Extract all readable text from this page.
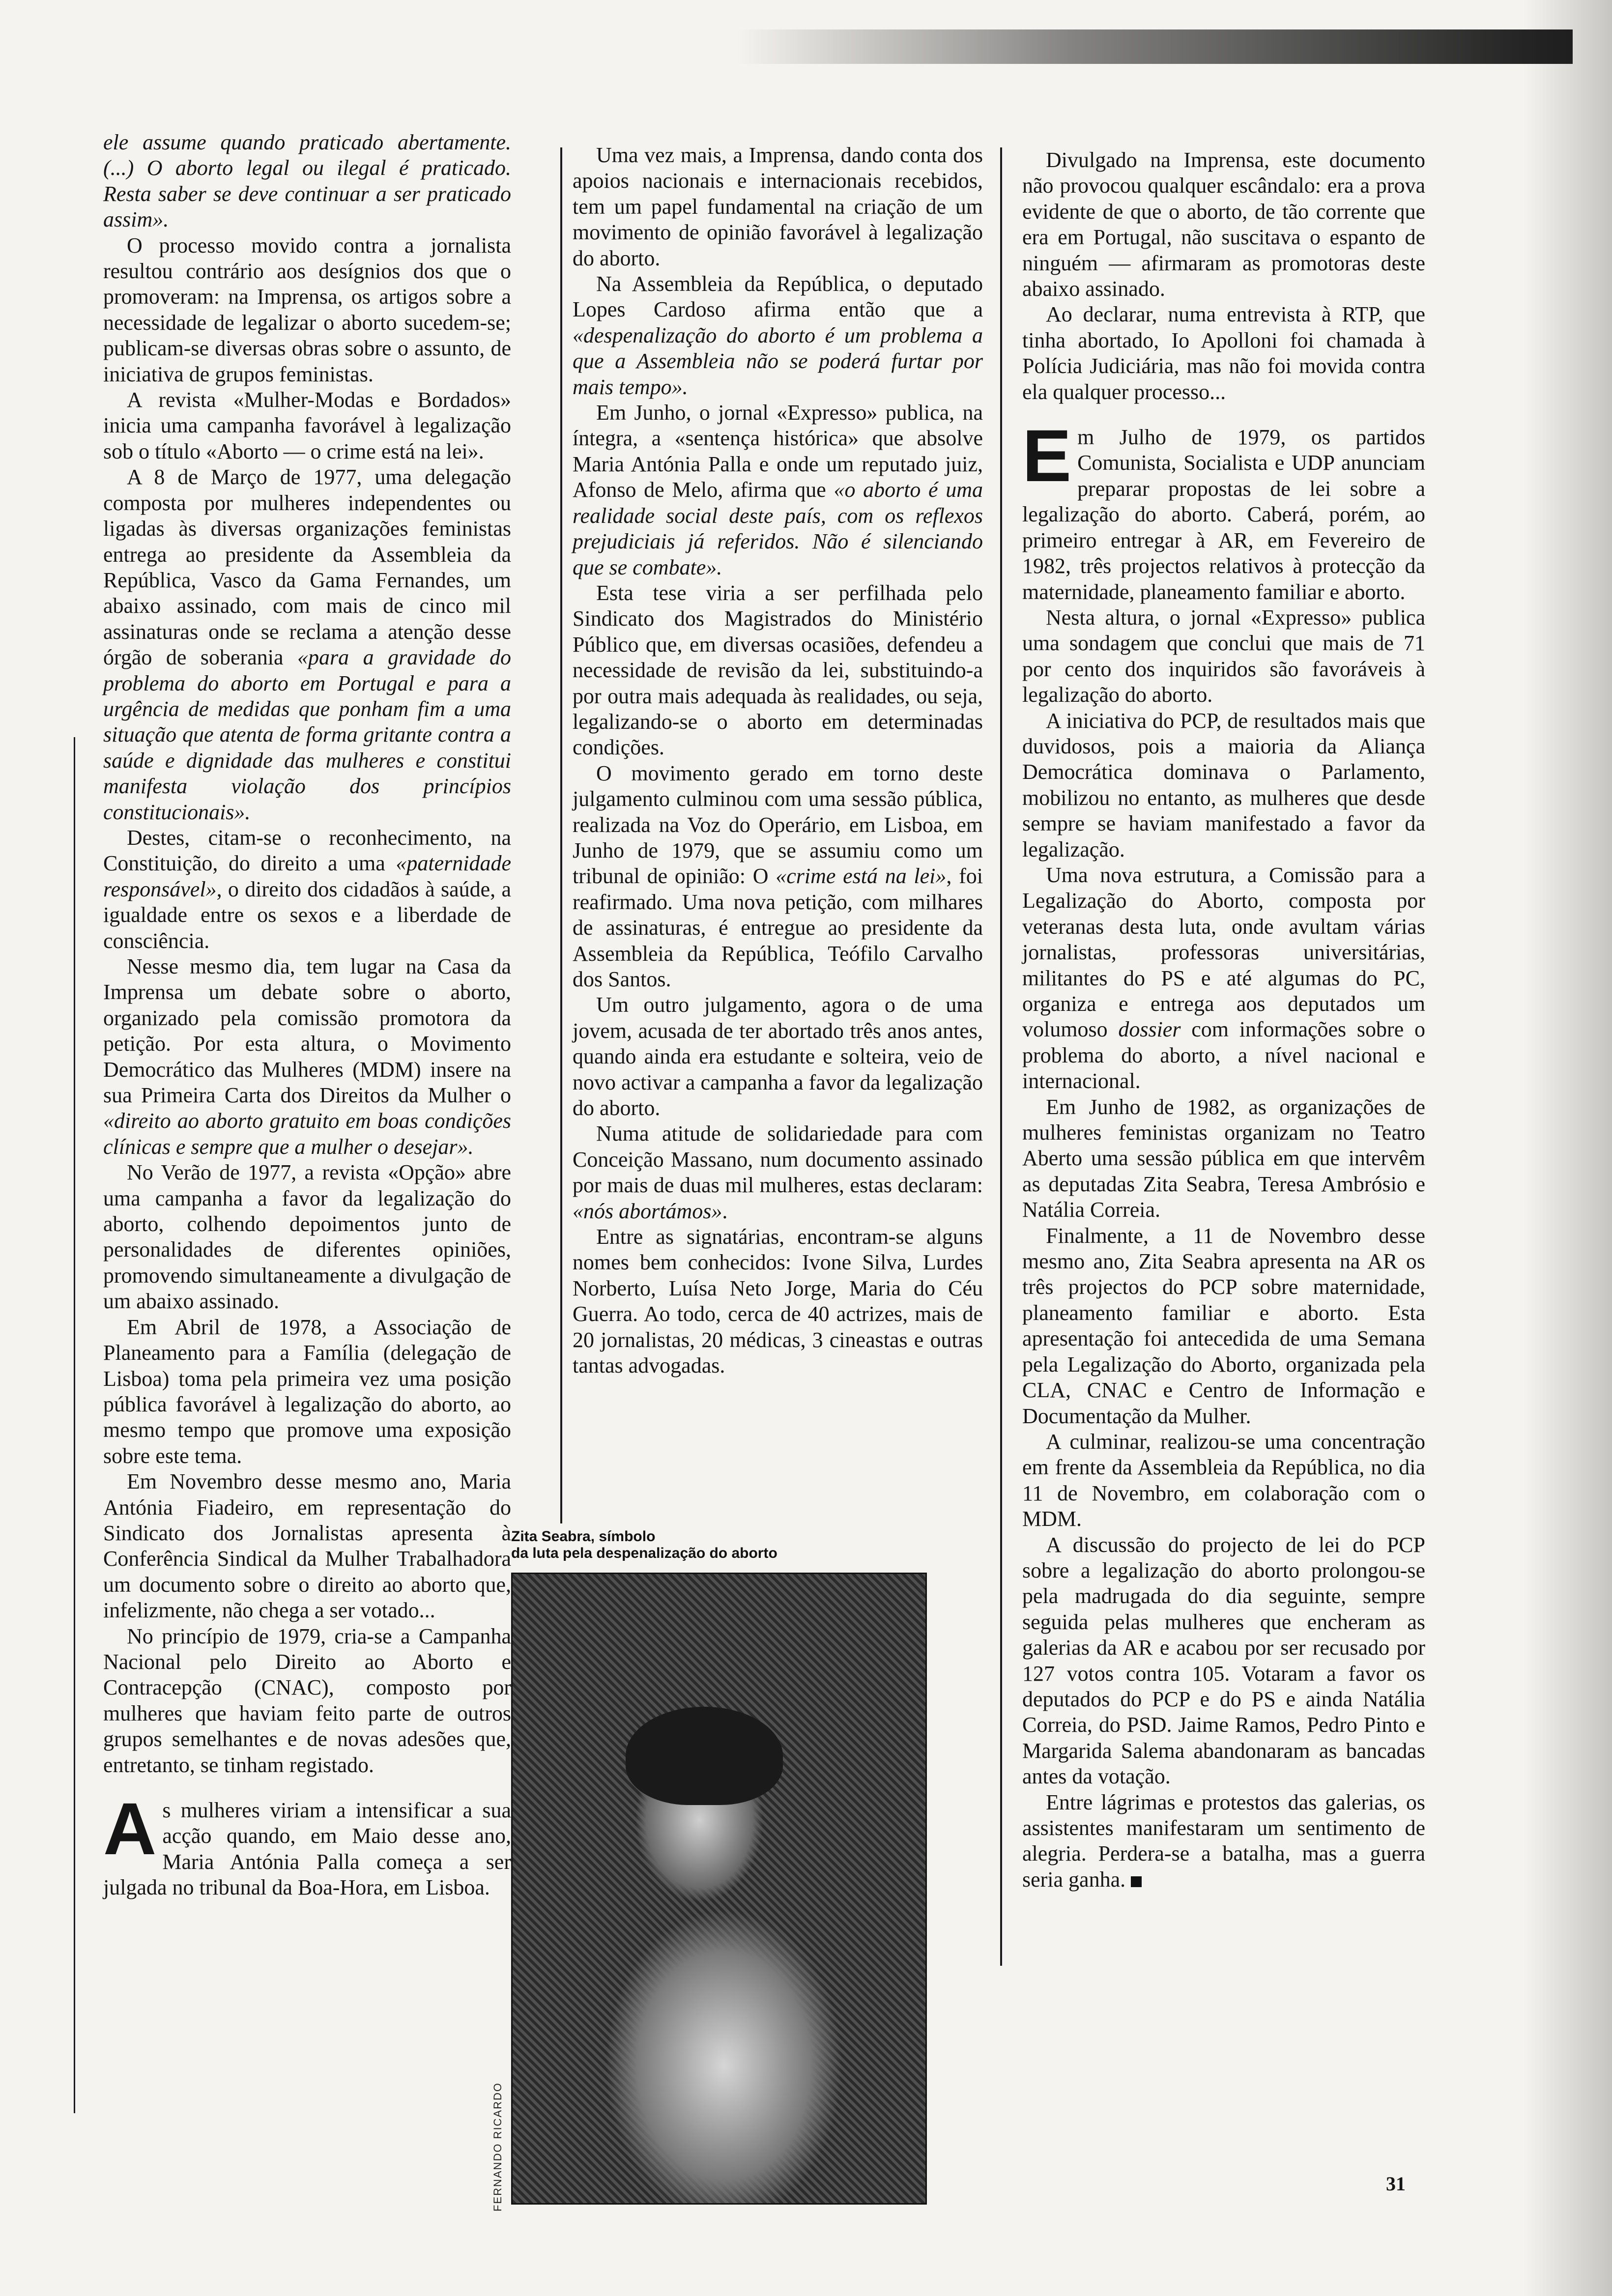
ele assume quando praticado abertamente. (...) O aborto legal ou ilegal é praticado. Resta saber se deve continuar a ser praticado assim».

O processo movido contra a jornalista resultou contrário aos desígnios dos que o promoveram: na Imprensa, os artigos sobre a necessidade de legalizar o aborto sucedem-se; publicam-se diversas obras sobre o assunto, de iniciativa de grupos feministas.

A revista «Mulher-Modas e Bordados» inicia uma campanha favorável à legalização sob o título «Aborto — o crime está na lei».

A 8 de Março de 1977, uma delegação composta por mulheres independentes ou ligadas às diversas organizações feministas entrega ao presidente da Assembleia da República, Vasco da Gama Fernandes, um abaixo assinado, com mais de cinco mil assinaturas onde se reclama a atenção desse órgão de soberania «para a gravidade do problema do aborto em Portugal e para a urgência de medidas que ponham fim a uma situação que atenta de forma gritante contra a saúde e dignidade das mulheres e constitui manifesta violação dos princípios constitucionais».

Destes, citam-se o reconhecimento, na Constituição, do direito a uma «paternidade responsável», o direito dos cidadãos à saúde, a igualdade entre os sexos e a liberdade de consciência.

Nesse mesmo dia, tem lugar na Casa da Imprensa um debate sobre o aborto, organizado pela comissão promotora da petição. Por esta altura, o Movimento Democrático das Mulheres (MDM) insere na sua Primeira Carta dos Direitos da Mulher o «direito ao aborto gratuito em boas condições clínicas e sempre que a mulher o desejar».

No Verão de 1977, a revista «Opção» abre uma campanha a favor da legalização do aborto, colhendo depoimentos junto de personalidades de diferentes opiniões, promovendo simultaneamente a divulgação de um abaixo assinado.

Em Abril de 1978, a Associação de Planeamento para a Família (delegação de Lisboa) toma pela primeira vez uma posição pública favorável à legalização do aborto, ao mesmo tempo que promove uma exposição sobre este tema.

Em Novembro desse mesmo ano, Maria Antónia Fiadeiro, em representação do Sindicato dos Jornalistas apresenta à Conferência Sindical da Mulher Trabalhadora um documento sobre o direito ao aborto que, infelizmente, não chega a ser votado...

No princípio de 1979, cria-se a Campanha Nacional pelo Direito ao Aborto e Contracepção (CNAC), composto por mulheres que haviam feito parte de outros grupos semelhantes e de novas adesões que, entretanto, se tinham registado.

As mulheres viriam a intensificar a sua acção quando, em Maio desse ano, Maria Antónia Palla começa a ser julgada no tribunal da Boa-Hora, em Lisboa.

Uma vez mais, a Imprensa, dando conta dos apoios nacionais e internacionais recebidos, tem um papel fundamental na criação de um movimento de opinião favorável à legalização do aborto.

Na Assembleia da República, o deputado Lopes Cardoso afirma então que a «despenalização do aborto é um problema a que a Assembleia não se poderá furtar por mais tempo».

Em Junho, o jornal «Expresso» publica, na íntegra, a «sentença histórica» que absolve Maria Antónia Palla e onde um reputado juiz, Afonso de Melo, afirma que «o aborto é uma realidade social deste país, com os reflexos prejudiciais já referidos. Não é silenciando que se combate».

Esta tese viria a ser perfilhada pelo Sindicato dos Magistrados do Ministério Público que, em diversas ocasiões, defendeu a necessidade de revisão da lei, substituindo-a por outra mais adequada às realidades, ou seja, legalizando-se o aborto em determinadas condições.

O movimento gerado em torno deste julgamento culminou com uma sessão pública, realizada na Voz do Operário, em Lisboa, em Junho de 1979, que se assumiu como um tribunal de opinião: O «crime está na lei», foi reafirmado. Uma nova petição, com milhares de assinaturas, é entregue ao presidente da Assembleia da República, Teófilo Carvalho dos Santos.

Um outro julgamento, agora o de uma jovem, acusada de ter abortado três anos antes, quando ainda era estudante e solteira, veio de novo activar a campanha a favor da legalização do aborto.

Numa atitude de solidariedade para com Conceição Massano, num documento assinado por mais de duas mil mulheres, estas declaram: «nós abortámos».

Entre as signatárias, encontram-se alguns nomes bem conhecidos: Ivone Silva, Lurdes Norberto, Luísa Neto Jorge, Maria do Céu Guerra. Ao todo, cerca de 40 actrizes, mais de 20 jornalistas, 20 médicas, 3 cineastas e outras tantas advogadas.

Zita Seabra, símbolo
da luta pela despenalização do aborto
FERNANDO RICARDO

Divulgado na Imprensa, este documento não provocou qualquer escândalo: era a prova evidente de que o aborto, de tão corrente que era em Portugal, não suscitava o espanto de ninguém — afirmaram as promotoras deste abaixo assinado.

Ao declarar, numa entrevista à RTP, que tinha abortado, Io Apolloni foi chamada à Polícia Judiciária, mas não foi movida contra ela qualquer processo...

Em Julho de 1979, os partidos Comunista, Socialista e UDP anunciam preparar propostas de lei sobre a legalização do aborto. Caberá, porém, ao primeiro entregar à AR, em Fevereiro de 1982, três projectos relativos à protecção da maternidade, planeamento familiar e aborto.

Nesta altura, o jornal «Expresso» publica uma sondagem que conclui que mais de 71 por cento dos inquiridos são favoráveis à legalização do aborto.

A iniciativa do PCP, de resultados mais que duvidosos, pois a maioria da Aliança Democrática dominava o Parlamento, mobilizou no entanto, as mulheres que desde sempre se haviam manifestado a favor da legalização.

Uma nova estrutura, a Comissão para a Legalização do Aborto, composta por veteranas desta luta, onde avultam várias jornalistas, professoras universitárias, militantes do PS e até algumas do PC, organiza e entrega aos deputados um volumoso dossier com informações sobre o problema do aborto, a nível nacional e internacional.

Em Junho de 1982, as organizações de mulheres feministas organizam no Teatro Aberto uma sessão pública em que intervêm as deputadas Zita Seabra, Teresa Ambrósio e Natália Correia.

Finalmente, a 11 de Novembro desse mesmo ano, Zita Seabra apresenta na AR os três projectos do PCP sobre maternidade, planeamento familiar e aborto. Esta apresentação foi antecedida de uma Semana pela Legalização do Aborto, organizada pela CLA, CNAC e Centro de Informação e Documentação da Mulher.

A culminar, realizou-se uma concentração em frente da Assembleia da República, no dia 11 de Novembro, em colaboração com o MDM.

A discussão do projecto de lei do PCP sobre a legalização do aborto prolongou-se pela madrugada do dia seguinte, sempre seguida pelas mulheres que encheram as galerias da AR e acabou por ser recusado por 127 votos contra 105. Votaram a favor os deputados do PCP e do PS e ainda Natália Correia, do PSD. Jaime Ramos, Pedro Pinto e Margarida Salema abandonaram as bancadas antes da votação.

Entre lágrimas e protestos das galerias, os assistentes manifestaram um sentimento de alegria. Perdera-se a batalha, mas a guerra seria ganha.

31
